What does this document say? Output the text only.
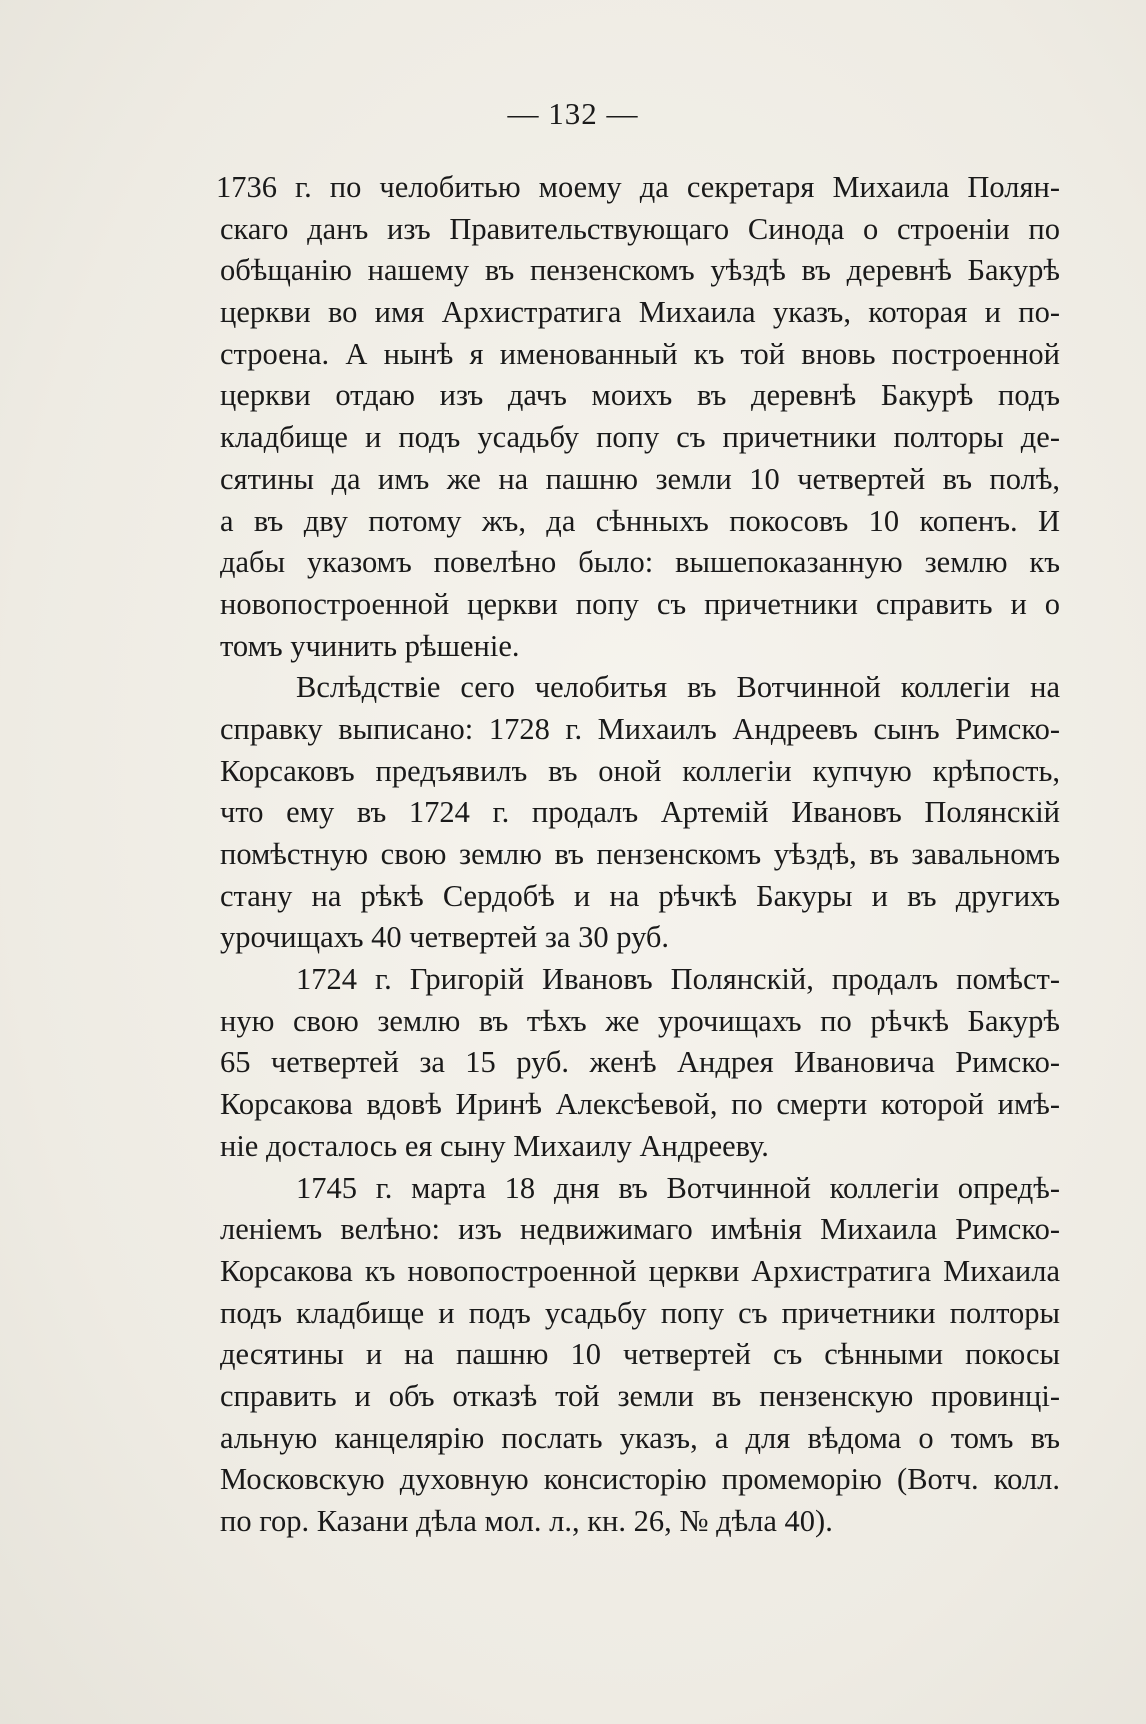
— 132 —
1736 г. по челобитью моему да секретаря Михаила Полян-
скаго данъ изъ Правительствующаго Синода о строеніи по
обѣщанію нашему въ пензенскомъ уѣздѣ въ деревнѣ Бакурѣ
церкви во имя Архистратига Михаила указъ, которая и по-
строена. А нынѣ я именованный къ той вновь построенной
церкви отдаю изъ дачъ моихъ въ деревнѣ Бакурѣ подъ
кладбище и подъ усадьбу попу съ причетники полторы де-
сятины да имъ же на пашню земли 10 четвертей въ полѣ,
а въ дву потому жъ, да сѣнныхъ покосовъ 10 копенъ. И
дабы указомъ повелѣно было: вышепоказанную землю къ
новопостроенной церкви попу съ причетники справить и о
томъ учинить рѣшеніе.
Вслѣдствіе сего челобитья въ Вотчинной коллегіи на
справку выписано: 1728 г. Михаилъ Андреевъ сынъ Римско-
Корсаковъ предъявилъ въ оной коллегіи купчую крѣпость,
что ему въ 1724 г. продалъ Артемій Ивановъ Полянскій
помѣстную свою землю въ пензенскомъ уѣздѣ, въ завальномъ
стану на рѣкѣ Сердобѣ и на рѣчкѣ Бакуры и въ другихъ
урочищахъ 40 четвертей за 30 руб.
1724 г. Григорій Ивановъ Полянскій, продалъ помѣст-
ную свою землю въ тѣхъ же урочищахъ по рѣчкѣ Бакурѣ
65 четвертей за 15 руб. женѣ Андрея Ивановича Римско-
Корсакова вдовѣ Иринѣ Алексѣевой, по смерти которой имѣ-
ніе досталось ея сыну Михаилу Андрееву.
1745 г. марта 18 дня въ Вотчинной коллегіи опредѣ-
леніемъ велѣно: изъ недвижимаго имѣнія Михаила Римско-
Корсакова къ новопостроенной церкви Архистратига Михаила
подъ кладбище и подъ усадьбу попу съ причетники полторы
десятины и на пашню 10 четвертей съ сѣнными покосы
справить и объ отказѣ той земли въ пензенскую провинці-
альную канцелярію послать указъ, а для вѣдома о томъ въ
Московскую духовную консисторію промеморію (Вотч. колл.
по гор. Казани дѣла мол. л., кн. 26, № дѣла 40).
